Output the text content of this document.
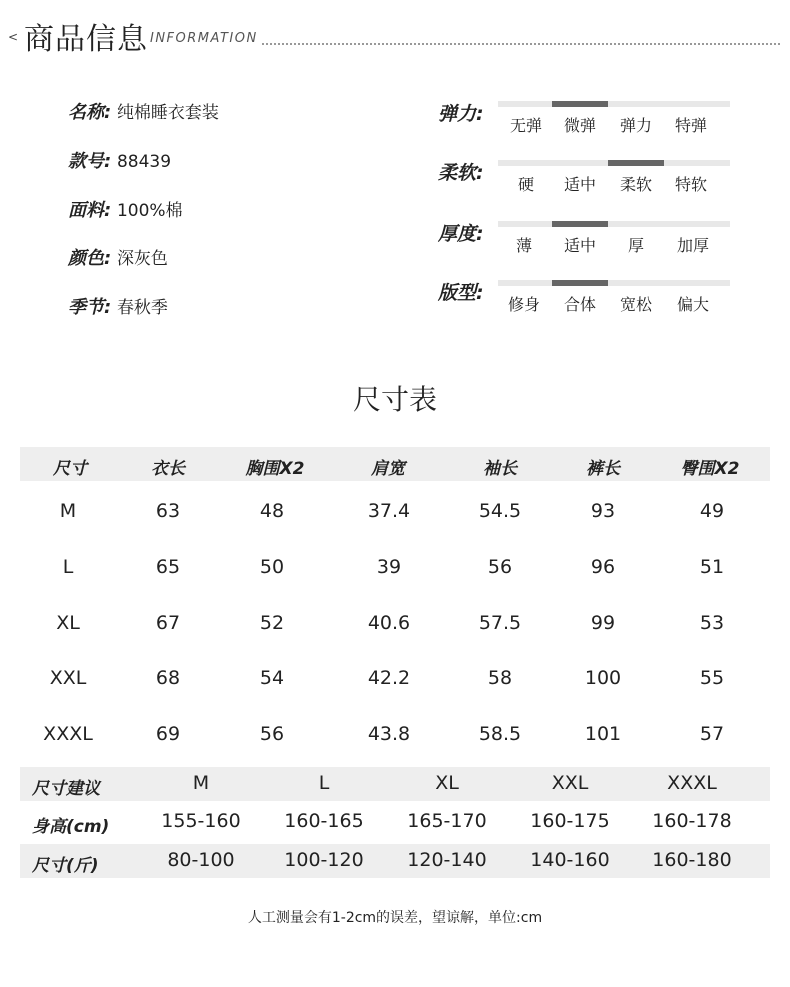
< 商品信息 INFORMATION
名称: 纯棉睡衣套装
款号: 88439
面料: 100%棉
颜色: 深灰色
季节: 春秋季
弹力:
无弹	微弹	弹力	特弹
柔软:
硬	适中	柔软	特软
厚度:
薄	适中	厚	加厚
版型:
修身	合体	宽松	偏大
尺寸表
尺寸	衣长	胸围X2	肩宽	袖长	裤长	臀围X2
M	63	48	37.4	54.5	93	49
L	65	50	39	56	96	51
XL	67	52	40.6	57.5	99	53
XXL	68	54	42.2	58	100	55
XXXL	69	56	43.8	58.5	101	57
尺寸建议	M	L	XL	XXL	XXXL
身高(cm)	155-160	160-165	165-170	160-175	160-178
尺寸(斤)	80-100	100-120	120-140	140-160	160-180
人工测量会有1-2cm的误差，望谅解，单位:cm
